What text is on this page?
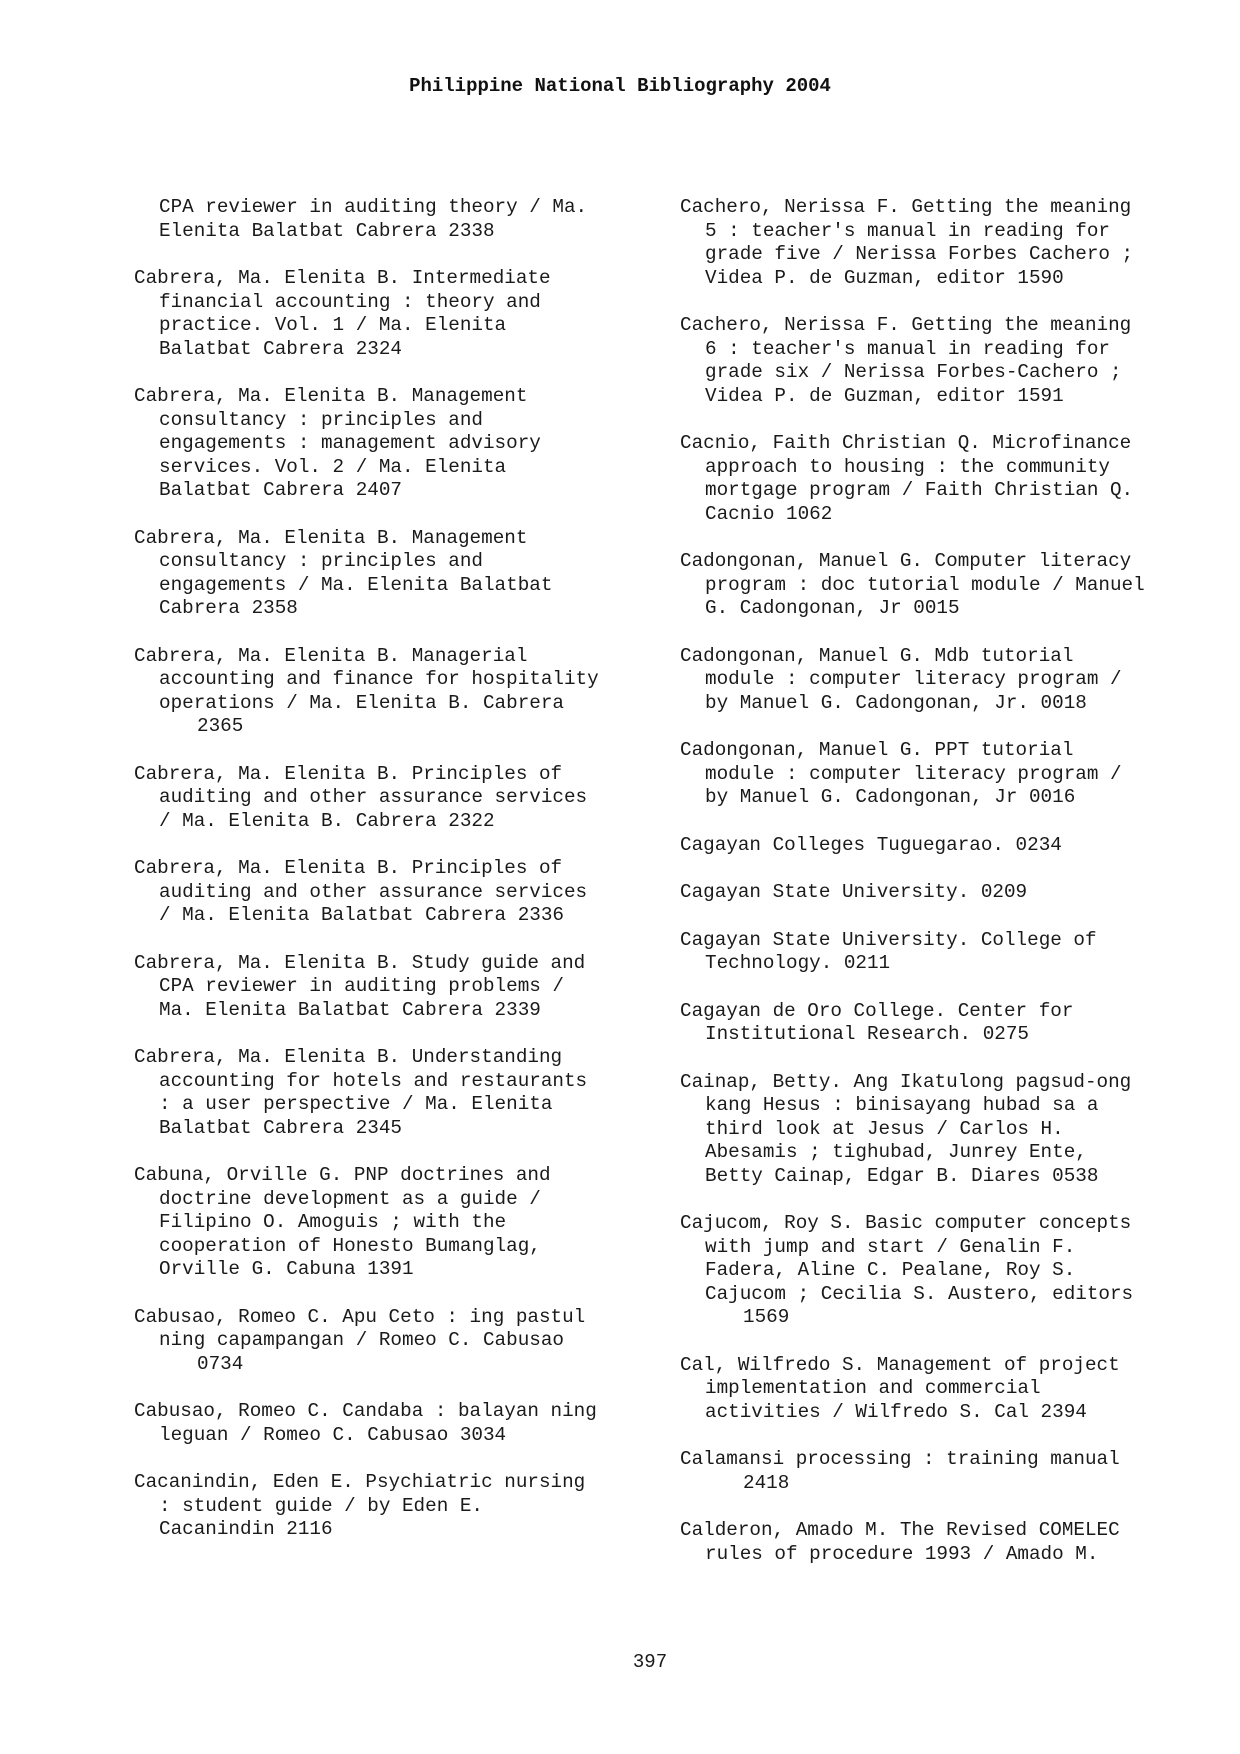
Philippine National Bibliography 2004
CPA reviewer in auditing theory / Ma.
Elenita Balatbat Cabrera 2338
Cabrera, Ma. Elenita B. Intermediate
financial accounting : theory and
practice. Vol. 1 / Ma. Elenita
Balatbat Cabrera 2324
Cabrera, Ma. Elenita B. Management
consultancy : principles and
engagements : management advisory
services. Vol. 2 / Ma. Elenita
Balatbat Cabrera 2407
Cabrera, Ma. Elenita B. Management
consultancy : principles and
engagements / Ma. Elenita Balatbat
Cabrera 2358
Cabrera, Ma. Elenita B. Managerial
accounting and finance for hospitality
operations / Ma. Elenita B. Cabrera
2365
Cabrera, Ma. Elenita B. Principles of
auditing and other assurance services
/ Ma. Elenita B. Cabrera 2322
Cabrera, Ma. Elenita B. Principles of
auditing and other assurance services
/ Ma. Elenita Balatbat Cabrera 2336
Cabrera, Ma. Elenita B. Study guide and
CPA reviewer in auditing problems /
Ma. Elenita Balatbat Cabrera 2339
Cabrera, Ma. Elenita B. Understanding
accounting for hotels and restaurants
: a user perspective / Ma. Elenita
Balatbat Cabrera 2345
Cabuna, Orville G. PNP doctrines and
doctrine development as a guide /
Filipino O. Amoguis ; with the
cooperation of Honesto Bumanglag,
Orville G. Cabuna 1391
Cabusao, Romeo C. Apu Ceto : ing pastul
ning capampangan / Romeo C. Cabusao
0734
Cabusao, Romeo C. Candaba : balayan ning
leguan / Romeo C. Cabusao 3034
Cacanindin, Eden E. Psychiatric nursing
: student guide / by Eden E.
Cacanindin 2116
Cachero, Nerissa F. Getting the meaning
5 : teacher's manual in reading for
grade five / Nerissa Forbes Cachero ;
Videa P. de Guzman, editor 1590
Cachero, Nerissa F. Getting the meaning
6 : teacher's manual in reading for
grade six / Nerissa Forbes-Cachero ;
Videa P. de Guzman, editor 1591
Cacnio, Faith Christian Q. Microfinance
approach to housing : the community
mortgage program / Faith Christian Q.
Cacnio 1062
Cadongonan, Manuel G. Computer literacy
program : doc tutorial module / Manuel
G. Cadongonan, Jr 0015
Cadongonan, Manuel G. Mdb tutorial
module : computer literacy program /
by Manuel G. Cadongonan, Jr. 0018
Cadongonan, Manuel G. PPT tutorial
module : computer literacy program /
by Manuel G. Cadongonan, Jr 0016
Cagayan Colleges Tuguegarao. 0234
Cagayan State University. 0209
Cagayan State University. College of
Technology. 0211
Cagayan de Oro College. Center for
Institutional Research. 0275
Cainap, Betty. Ang Ikatulong pagsud-ong
kang Hesus : binisayang hubad sa a
third look at Jesus / Carlos H.
Abesamis ; tighubad, Junrey Ente,
Betty Cainap, Edgar B. Diares 0538
Cajucom, Roy S. Basic computer concepts
with jump and start / Genalin F.
Fadera, Aline C. Pealane, Roy S.
Cajucom ; Cecilia S. Austero, editors
1569
Cal, Wilfredo S. Management of project
implementation and commercial
activities / Wilfredo S. Cal 2394
Calamansi processing : training manual
2418
Calderon, Amado M. The Revised COMELEC
rules of procedure 1993 / Amado M.
397
